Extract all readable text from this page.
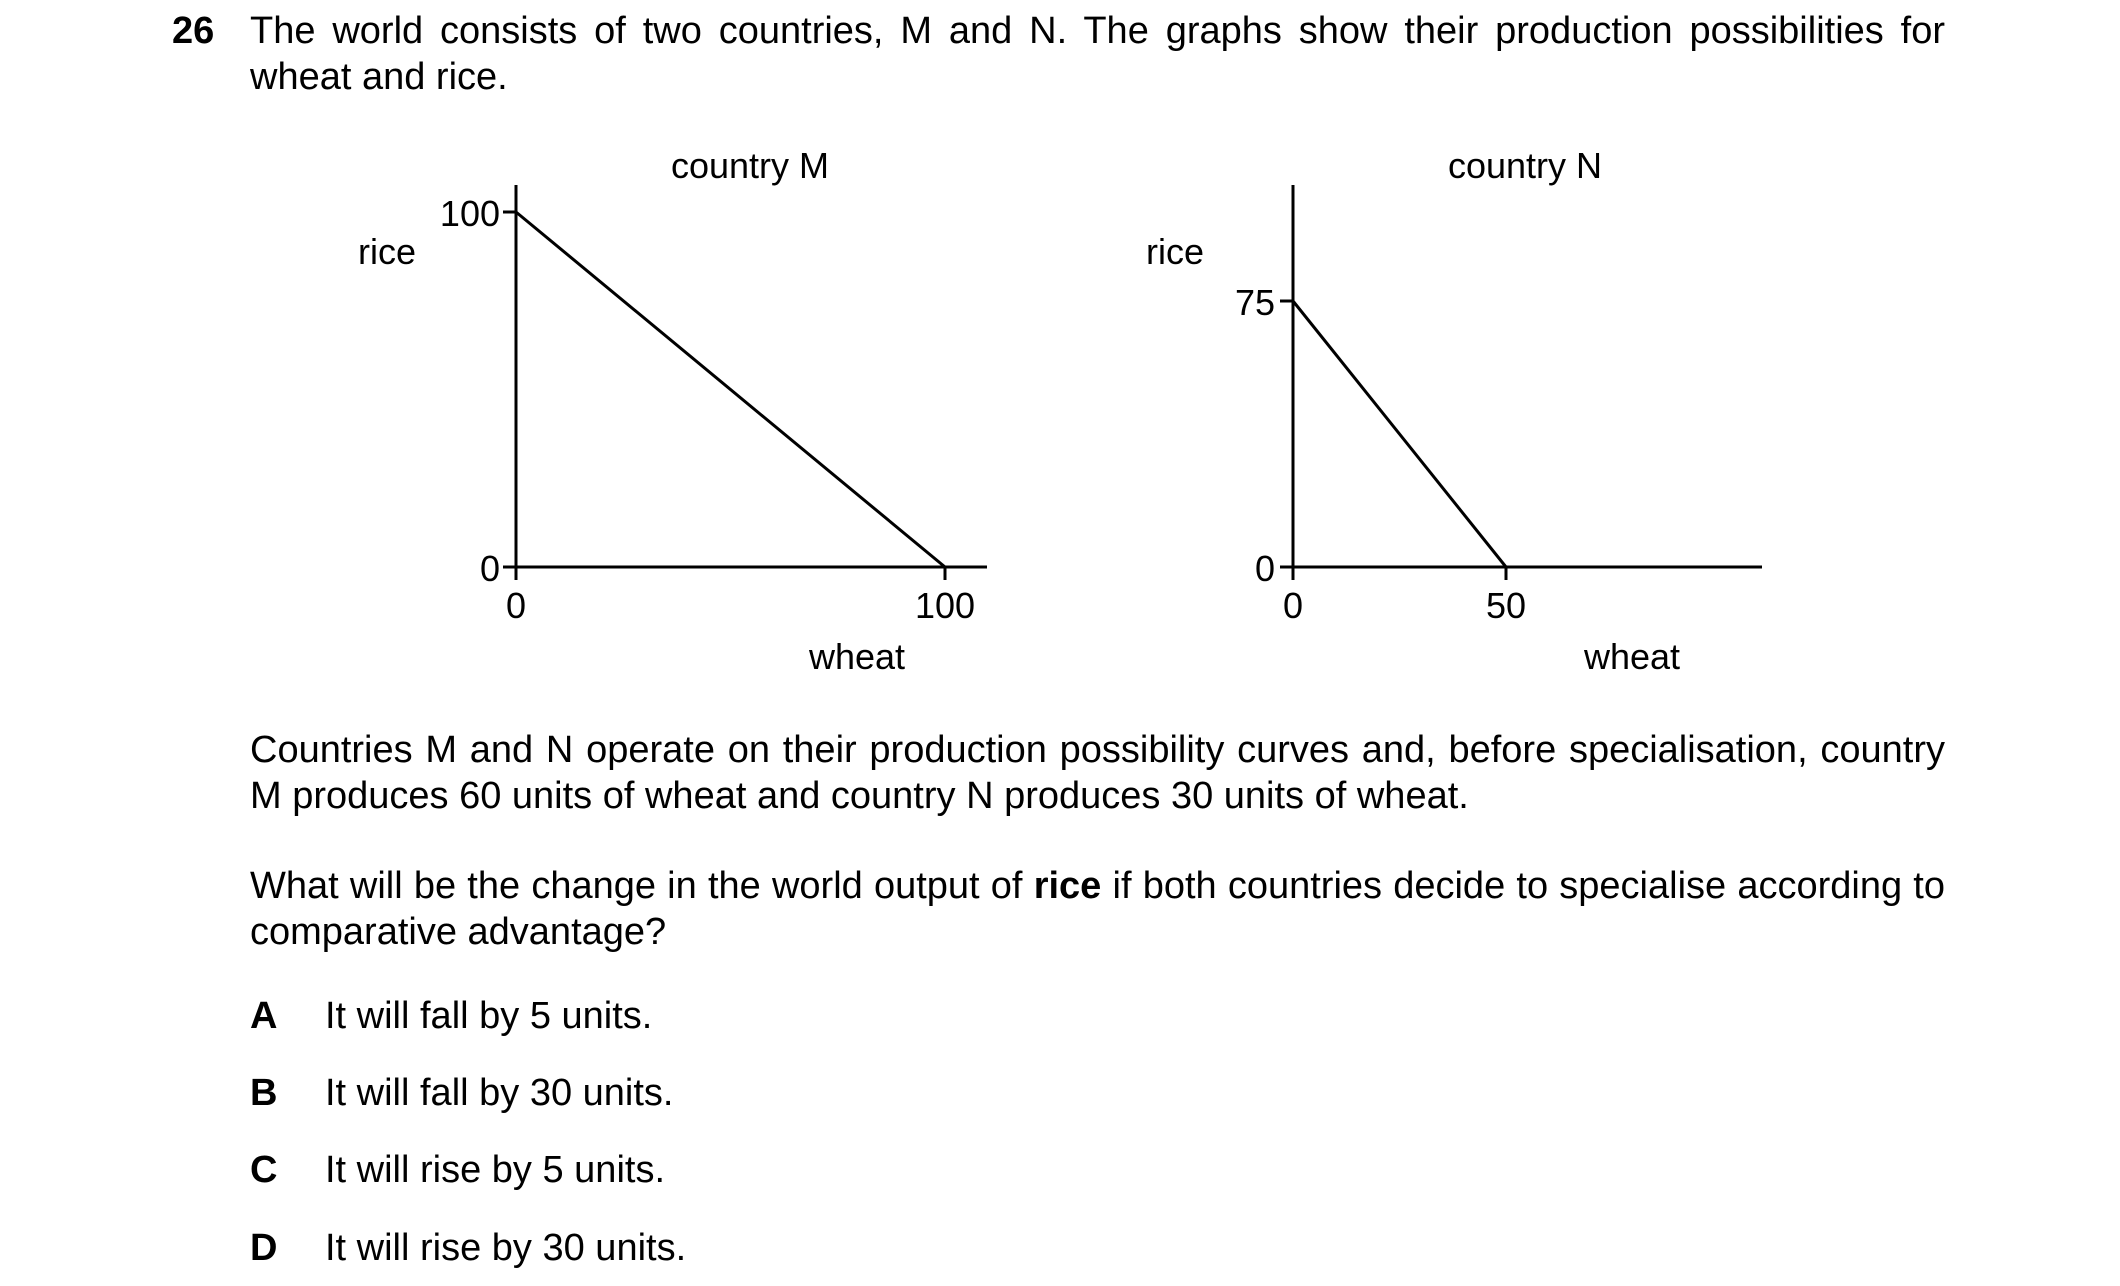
26 The world consists of two countries, M and N. The graphs show their production possibilities for wheat and rice.
country M
rice
wheat
100
0
0	100
country N
rice
wheat
75
0
0	50
Countries M and N operate on their production possibility curves and, before specialisation, country M produces 60 units of wheat and country N produces 30 units of wheat.
What will be the change in the world output of rice if both countries decide to specialise according to comparative advantage?
A	It will fall by 5 units.
B	It will fall by 30 units.
C	It will rise by 5 units.
D	It will rise by 30 units.
